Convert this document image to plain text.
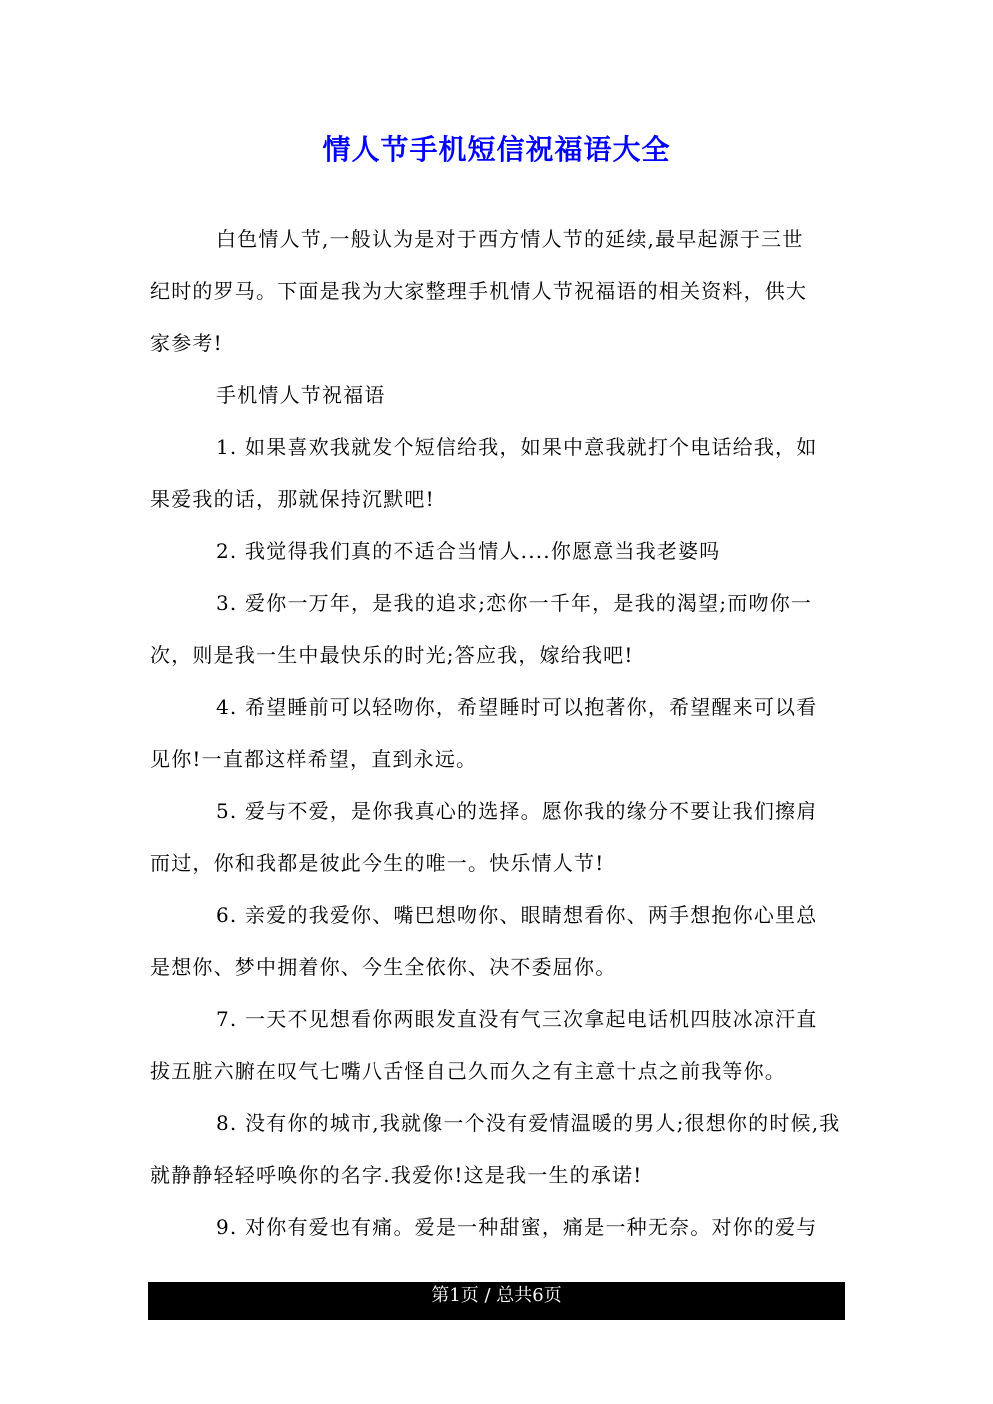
情人节手机短信祝福语大全
白色情人节,一般认为是对于西方情人节的延续,最早起源于三世
纪时的罗马。下面是我为大家整理手机情人节祝福语的相关资料，供大
家参考!
手机情人节祝福语
1. 如果喜欢我就发个短信给我，如果中意我就打个电话给我，如
果爱我的话，那就保持沉默吧!
2. 我觉得我们真的不适合当情人....你愿意当我老婆吗
3. 爱你一万年，是我的追求;恋你一千年，是我的渴望;而吻你一
次，则是我一生中最快乐的时光;答应我，嫁给我吧!
4. 希望睡前可以轻吻你，希望睡时可以抱著你，希望醒来可以看
见你!一直都这样希望，直到永远。
5. 爱与不爱，是你我真心的选择。愿你我的缘分不要让我们擦肩
而过，你和我都是彼此今生的唯一。快乐情人节!
6. 亲爱的我爱你、嘴巴想吻你、眼睛想看你、两手想抱你心里总
是想你、梦中拥着你、今生全依你、决不委屈你。
7. 一天不见想看你两眼发直没有气三次拿起电话机四肢冰凉汗直
拔五脏六腑在叹气七嘴八舌怪自己久而久之有主意十点之前我等你。
8. 没有你的城市,我就像一个没有爱情温暖的男人;很想你的时候,我
就静静轻轻呼唤你的名字.我爱你!这是我一生的承诺!
9. 对你有爱也有痛。爱是一种甜蜜，痛是一种无奈。对你的爱与
第1页 / 总共6页
